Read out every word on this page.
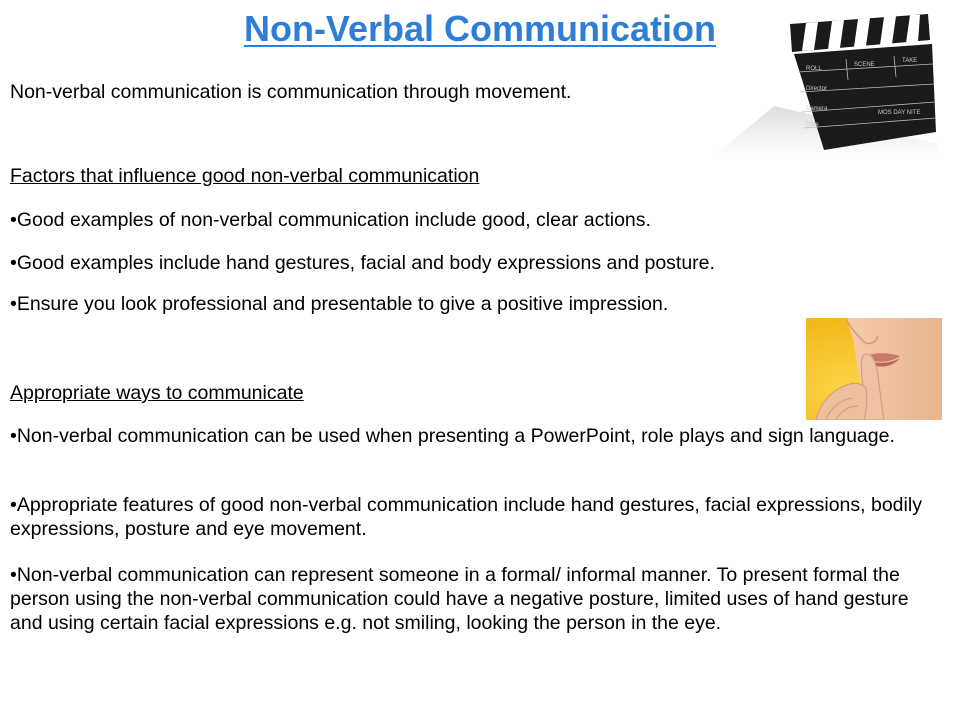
Non-Verbal Communication
Non-verbal communication is communication through movement.
Factors that influence good non-verbal communication
•Good examples of non-verbal communication include good, clear actions.
•Good examples include hand gestures, facial and body expressions and posture.
•Ensure you look professional and presentable to give a positive impression.
Appropriate ways to communicate
•Non-verbal communication can be used when presenting a PowerPoint, role plays and sign language.
•Appropriate features of good non-verbal communication include hand gestures, facial expressions, bodily expressions, posture and eye movement.
•Non-verbal communication can represent someone in a formal/ informal manner. To present formal the person using the non-verbal communication could have a negative posture, limited uses of hand gesture and using certain facial expressions e.g. not smiling, looking the person in the eye.
ROLL
SCENE
TAKE
Director
Camera
Date
MOS DAY NITE
